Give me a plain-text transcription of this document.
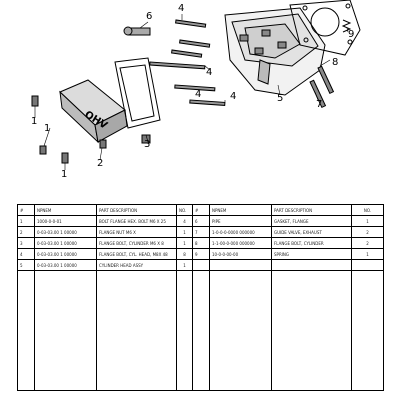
OHV
1
1
1
2
3
4
4
4	4	5
6
7
8
9
#	NPNEM	PART DESCRIPTION	NO.	#	NPNEM	PART DESCRIPTION	NO.
1	1000-0-0-01	BOLT FLANGE HEX. BOLT M6 X 25	4	6	PIPE	GASKET, FLANGE	1
2	0-03-03.00 1 00000	FLANGE NUT M6 X	1	7	1-0-0-0-0000 000000	GUIDE VALVE, EXHAUST	2
3	0-03-03.00 1 00000	FLANGE BOLT, CYLINDER M6 X 8	1	8	1-1-00-0-000 000000	FLANGE BOLT, CYLINDER	2
4	0-03-03.00 1 00000	FLANGE BOLT, CYL. HEAD, M8X 48	8	9	10-0-0-00-00	SPRING	1
5	0-03-03.00 1 00000	CYLINDER HEAD ASSY	1				
